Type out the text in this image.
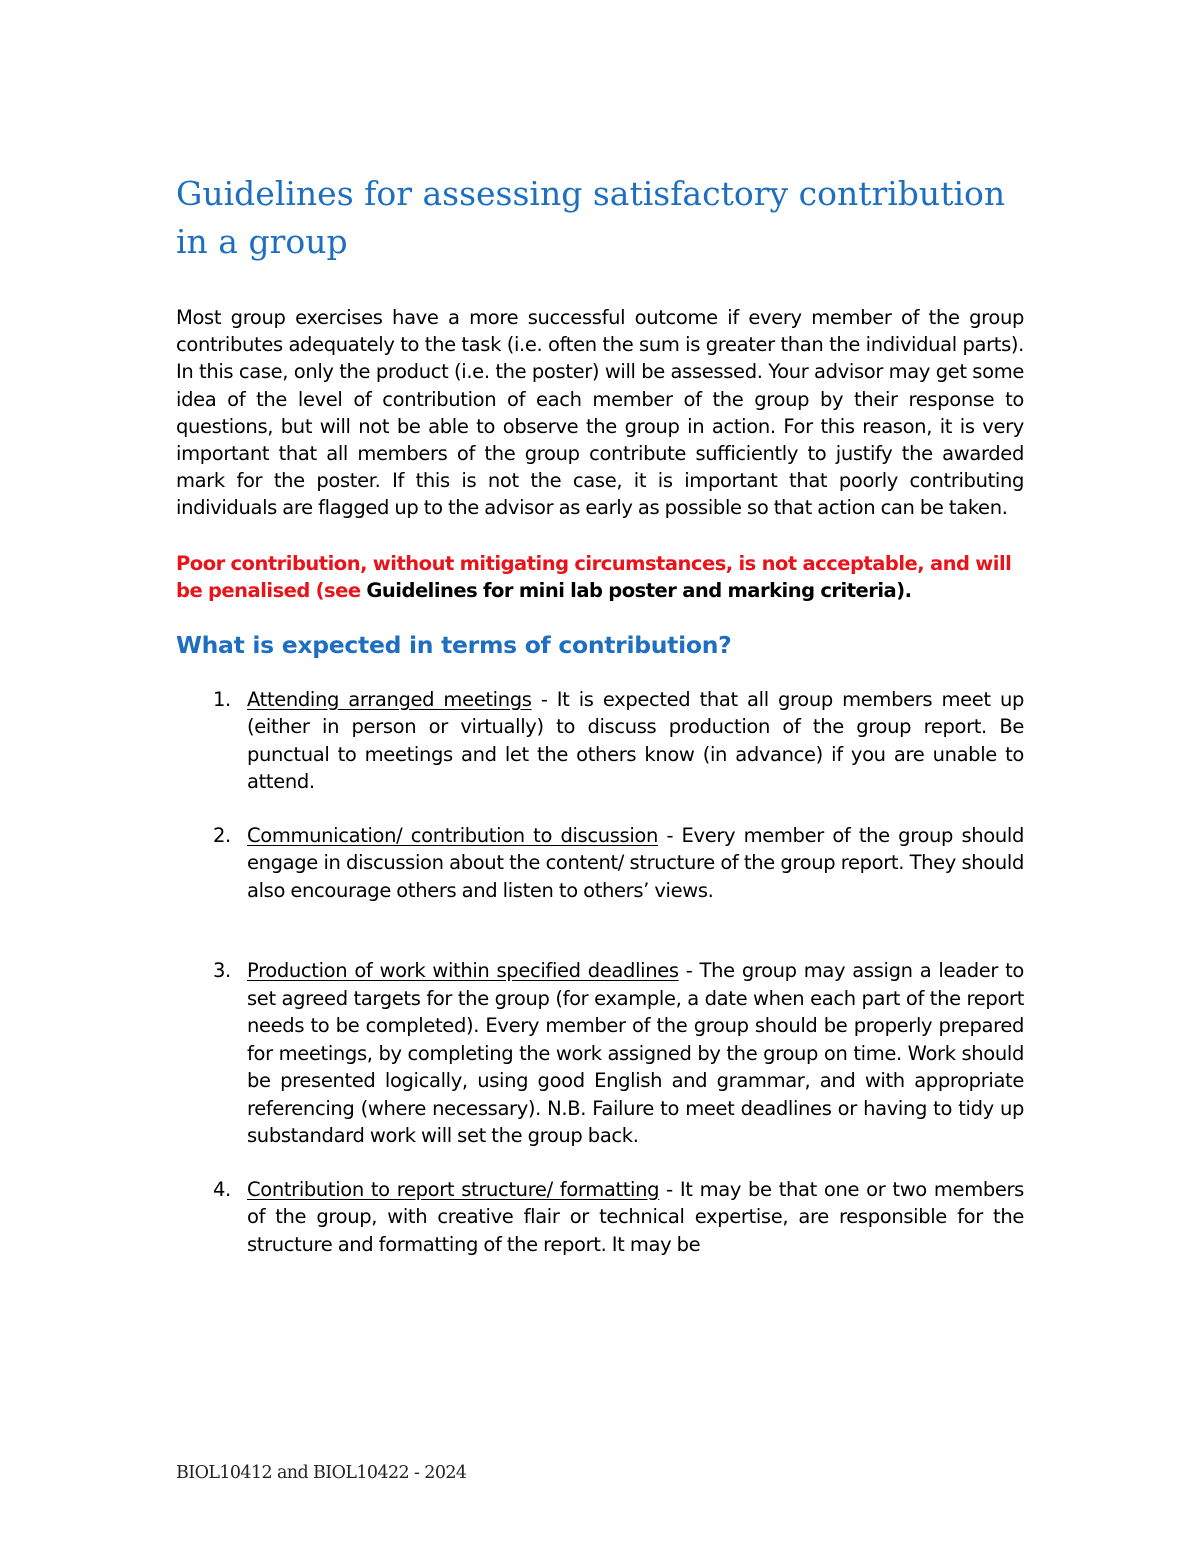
Guidelines for assessing satisfactory contribution in a group

Most group exercises have a more successful outcome if every member of the group contributes adequately to the task (i.e. often the sum is greater than the individual parts). In this case, only the product (i.e. the poster) will be assessed. Your advisor may get some idea of the level of contribution of each member of the group by their response to questions, but will not be able to observe the group in action. For this reason, it is very important that all members of the group contribute sufficiently to justify the awarded mark for the poster. If this is not the case, it is important that poorly contributing individuals are flagged up to the advisor as early as possible so that action can be taken.

Poor contribution, without mitigating circumstances, is not acceptable, and will be penalised (see Guidelines for mini lab poster and marking criteria).

What is expected in terms of contribution?
1. Attending arranged meetings - It is expected that all group members meet up (either in person or virtually) to discuss production of the group report. Be punctual to meetings and let the others know (in advance) if you are unable to attend.
2. Communication/ contribution to discussion - Every member of the group should engage in discussion about the content/ structure of the group report. They should also encourage others and listen to others’ views.
3. Production of work within specified deadlines - The group may assign a leader to set agreed targets for the group (for example, a date when each part of the report needs to be completed). Every member of the group should be properly prepared for meetings, by completing the work assigned by the group on time. Work should be presented logically, using good English and grammar, and with appropriate referencing (where necessary). N.B. Failure to meet deadlines or having to tidy up substandard work will set the group back.
4. Contribution to report structure/ formatting - It may be that one or two members of the group, with creative flair or technical expertise, are responsible for the structure and formatting of the report. It may be
BIOL10412 and BIOL10422 - 2024
